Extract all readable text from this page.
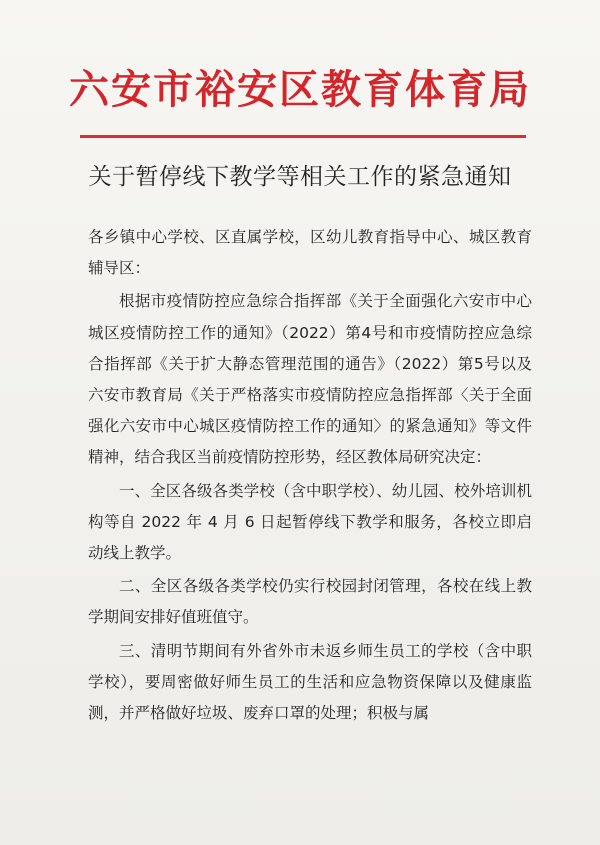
六安市裕安区教育体育局
关于暂停线下教学等相关工作的紧急通知

各乡镇中心学校、区直属学校，区幼儿教育指导中心、城区教育辅导区：

根据市疫情防控应急综合指挥部《关于全面强化六安市中心城区疫情防控工作的通知》（2022）第4号和市疫情防控应急综合指挥部《关于扩大静态管理范围的通告》（2022）第5号以及六安市教育局《关于严格落实市疫情防控应急指挥部〈关于全面强化六安市中心城区疫情防控工作的通知〉的紧急通知》等文件精神，结合我区当前疫情防控形势，经区教体局研究决定：

一、全区各级各类学校（含中职学校）、幼儿园、校外培训机构等自 2022 年 4 月 6 日起暂停线下教学和服务，各校立即启动线上教学。

二、全区各级各类学校仍实行校园封闭管理，各校在线上教学期间安排好值班值守。

三、清明节期间有外省外市未返乡师生员工的学校（含中职学校），要周密做好师生员工的生活和应急物资保障以及健康监测，并严格做好垃圾、废弃口罩的处理；积极与属
